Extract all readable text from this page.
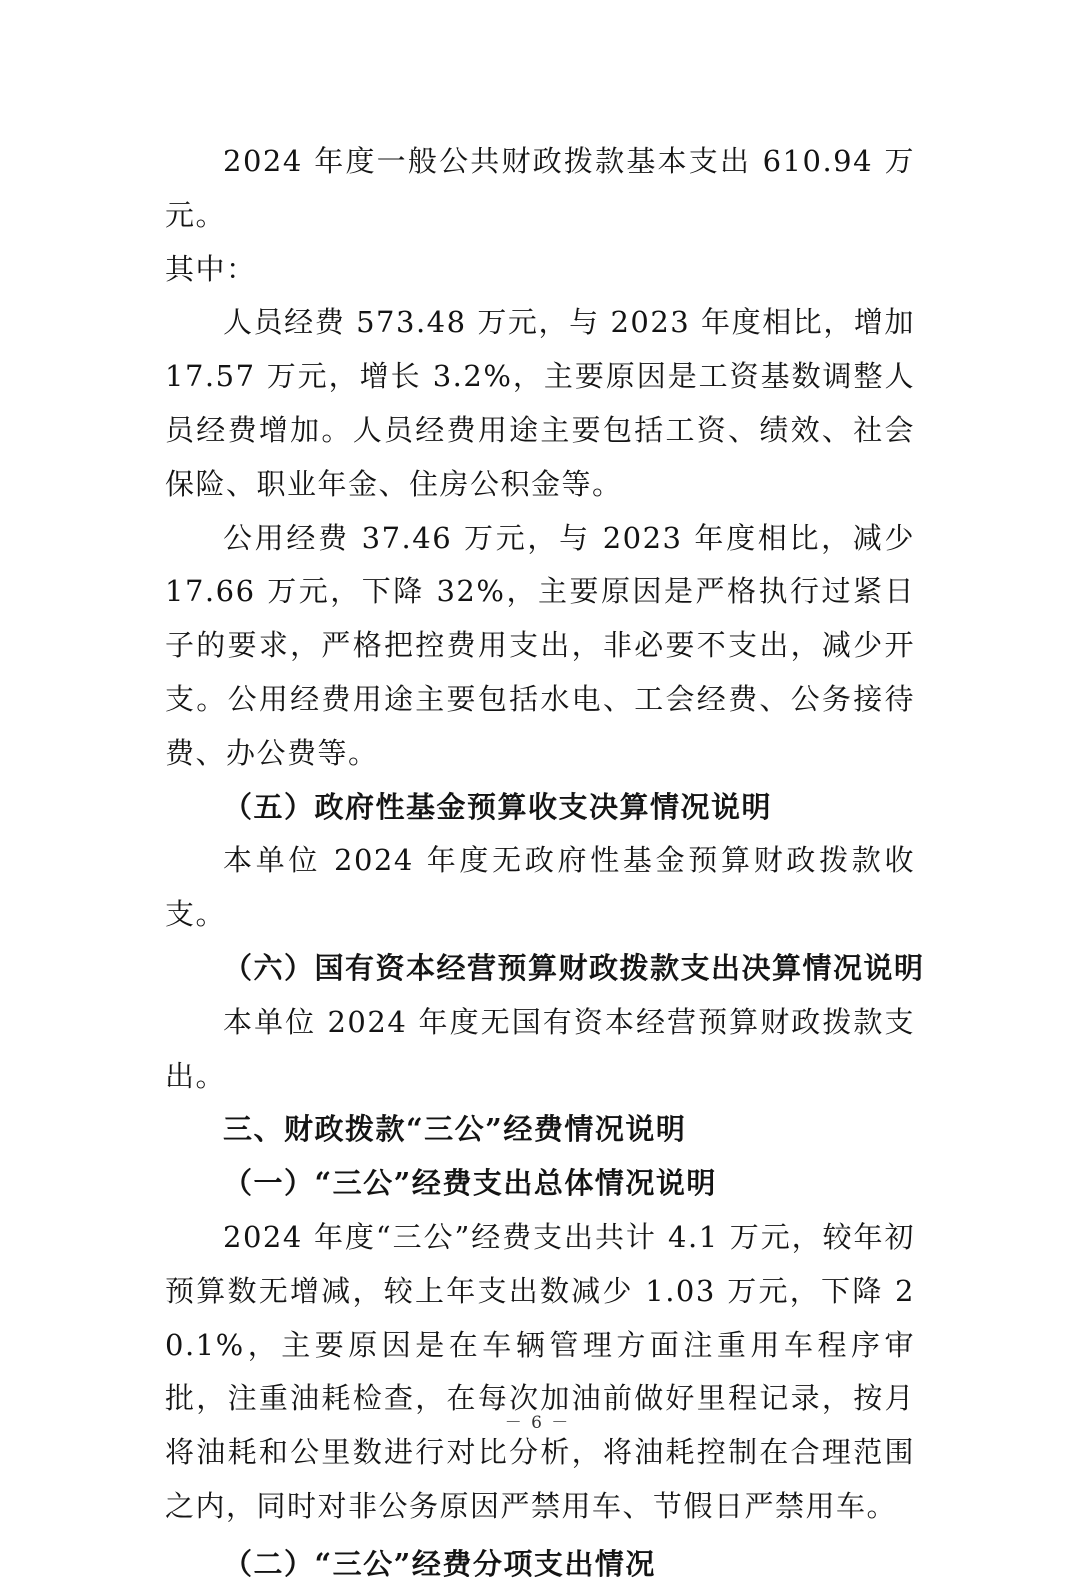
2024 年度一般公共财政拨款基本支出 610.94 万元。

其中：

人员经费 573.48 万元，与 2023 年度相比，增加 17.57 万元，增长 3.2%，主要原因是工资基数调整人员经费增加。人员经费用途主要包括工资、绩效、社会保险、职业年金、住房公积金等。

公用经费 37.46 万元，与 2023 年度相比，减少 17.66 万元，下降 32%，主要原因是严格执行过紧日子的要求，严格把控费用支出，非必要不支出，减少开支。公用经费用途主要包括水电、工会经费、公务接待费、办公费等。

（五）政府性基金预算收支决算情况说明

本单位 2024 年度无政府性基金预算财政拨款收支。

（六）国有资本经营预算财政拨款支出决算情况说明

本单位 2024 年度无国有资本经营预算财政拨款支出。

三、财政拨款“三公”经费情况说明

（一）“三公”经费支出总体情况说明

2024 年度“三公”经费支出共计 4.1 万元，较年初预算数无增减，较上年支出数减少 1.03 万元，下降 20.1%，主要原因是在车辆管理方面注重用车程序审批，注重油耗检查，在每次加油前做好里程记录，按月将油耗和公里数进行对比分析，将油耗控制在合理范围之内，同时对非公务原因严禁用车、节假日严禁用车。

（二）“三公”经费分项支出情况

－ 6 －
